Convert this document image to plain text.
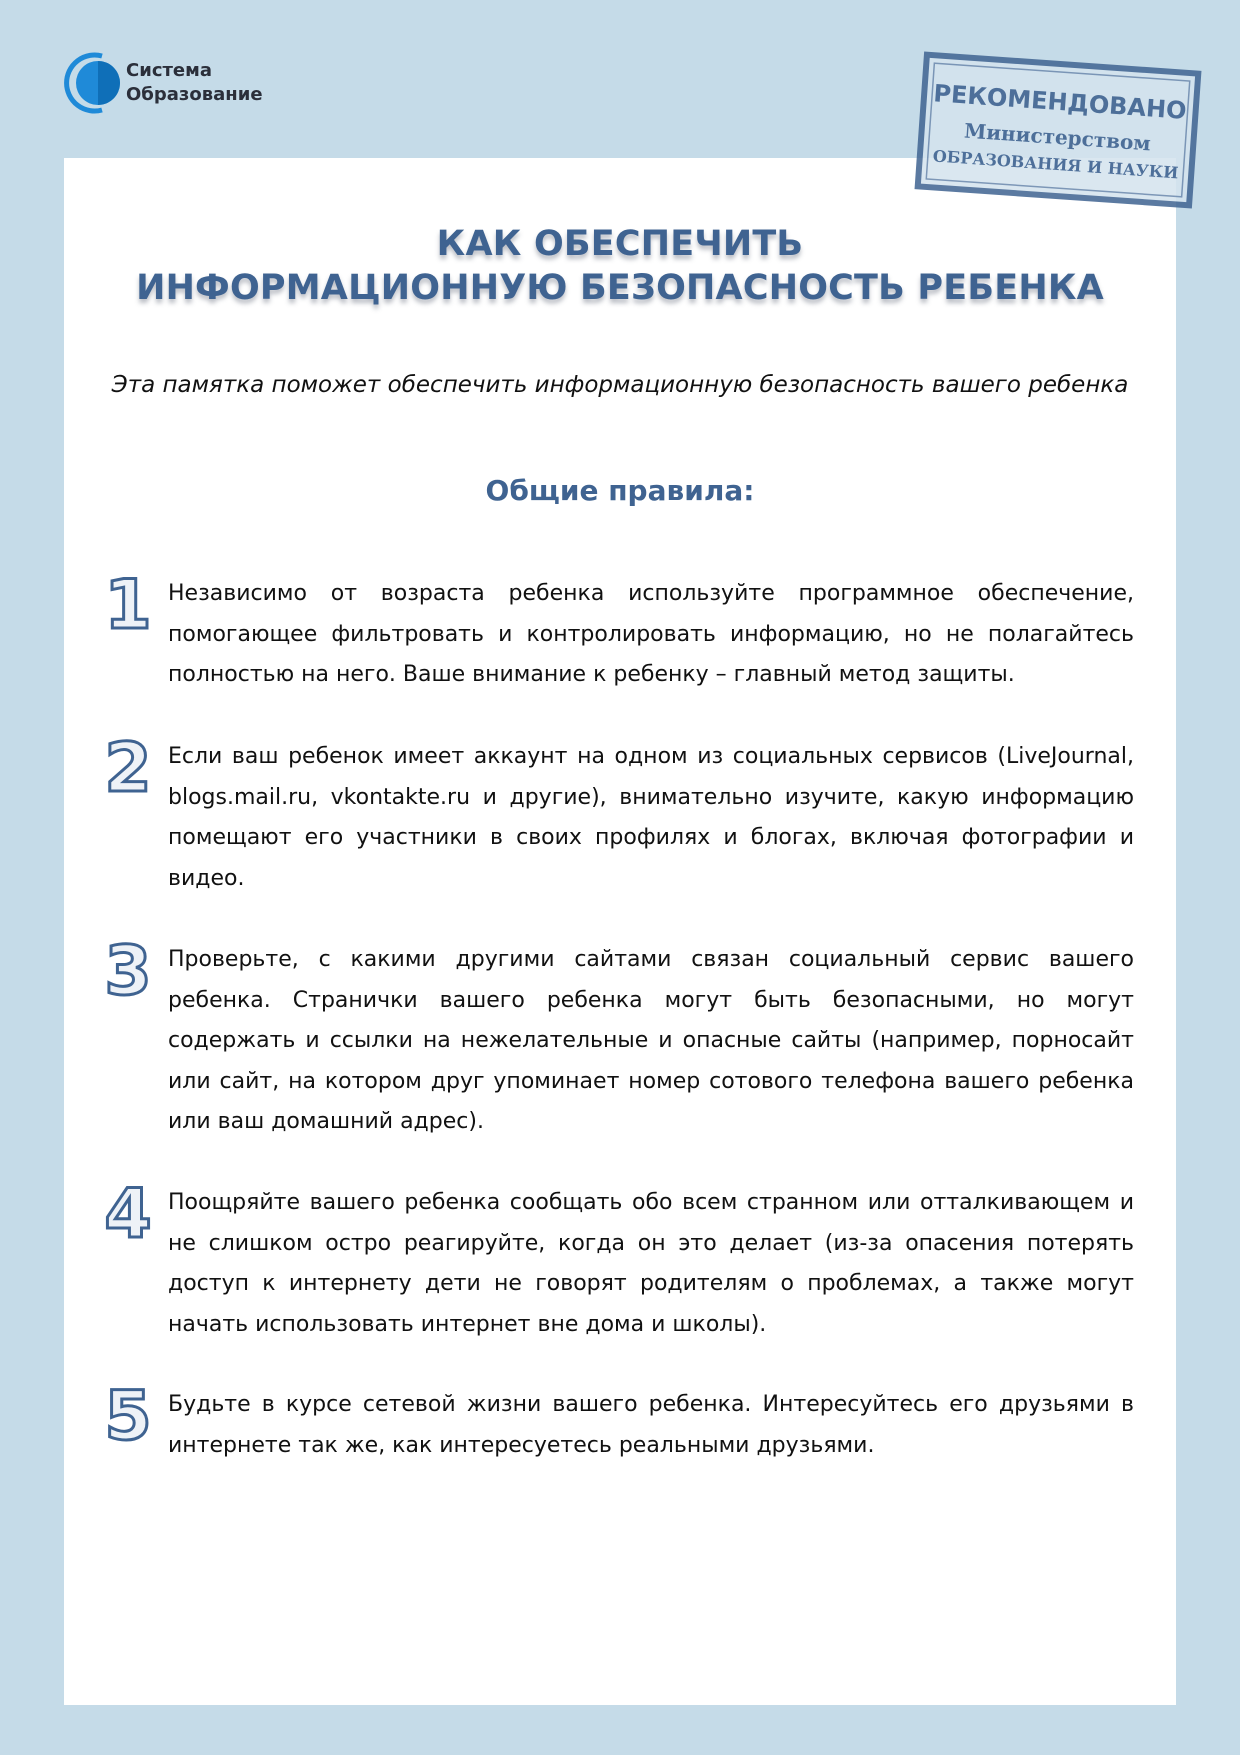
Система
Образование	РЕКОМЕНДОВАНО
Министерством
ОБРАЗОВАНИЯ И НАУКИ
КАК ОБЕСПЕЧИТЬ
ИНФОРМАЦИОННУЮ БЕЗОПАСНОСТЬ РЕБЕНКА
Эта памятка поможет обеспечить информационную безопасность вашего ребенка
Общие правила:
1 Независимо от возраста ребенка используйте программное обеспечение, помогающее фильтровать и контролировать информацию, но не полагайтесь полностью на него. Ваше внимание к ребенку – главный метод защиты.
2 Если ваш ребенок имеет аккаунт на одном из социальных сервисов (LiveJournal, blogs.mail.ru, vkontakte.ru и другие), внимательно изучите, какую информацию помещают его участники в своих профилях и блогах, включая фотографии и видео.
3 Проверьте, с какими другими сайтами связан социальный сервис вашего ребенка. Странички вашего ребенка могут быть безопасными, но могут содержать и ссылки на нежелательные и опасные сайты (например, порносайт или сайт, на котором друг упоминает номер сотового телефона вашего ребенка или ваш домашний адрес).
4 Поощряйте вашего ребенка сообщать обо всем странном или отталкивающем и не слишком остро реагируйте, когда он это делает (из-за опасения потерять доступ к интернету дети не говорят родителям о проблемах, а также могут начать использовать интернет вне дома и школы).
5 Будьте в курсе сетевой жизни вашего ребенка. Интересуйтесь его друзьями в интернете так же, как интересуетесь реальными друзьями.
